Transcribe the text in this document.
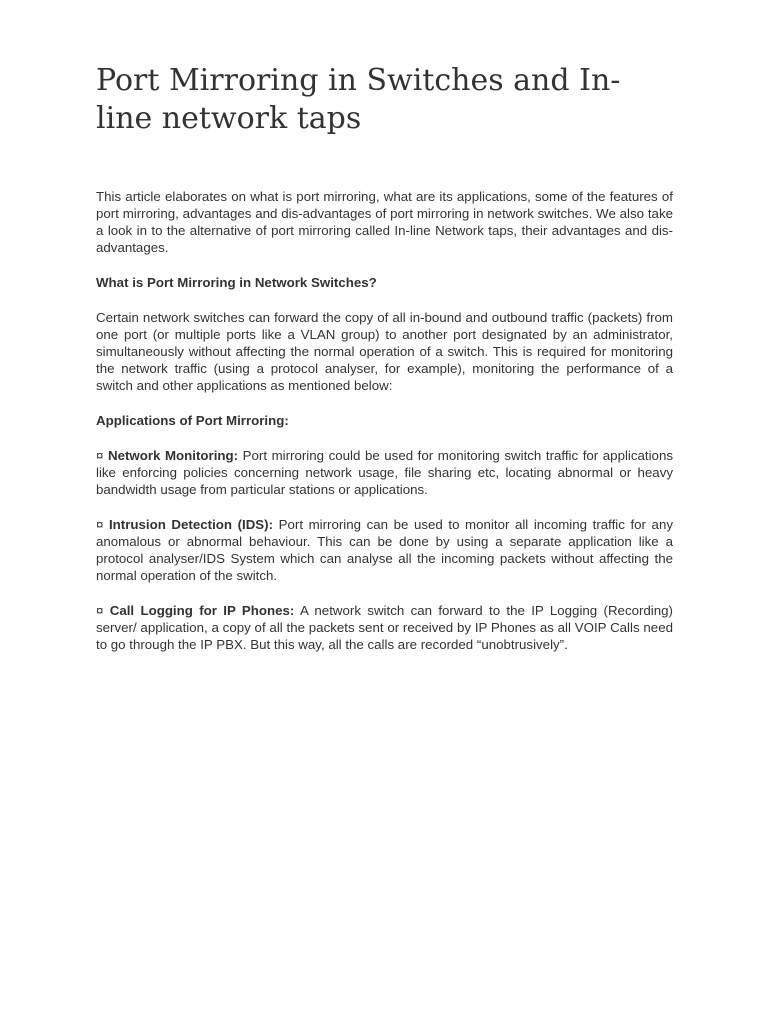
Port Mirroring in Switches and In-line network taps

This article elaborates on what is port mirroring, what are its applications, some of the features of port mirroring, advantages and dis-advantages of port mirroring in network switches. We also take a look in to the alternative of port mirroring called In-line Network taps, their advantages and dis-advantages.

What is Port Mirroring in Network Switches?

Certain network switches can forward the copy of all in-bound and outbound traffic (packets) from one port (or multiple ports like a VLAN group) to another port designated by an administrator, simultaneously without affecting the normal operation of a switch. This is required for monitoring the network traffic (using a protocol analyser, for example), monitoring the performance of a switch and other applications as mentioned below:

Applications of Port Mirroring:

¤ Network Monitoring: Port mirroring could be used for monitoring switch traffic for applications like enforcing policies concerning network usage, file sharing etc, locating abnormal or heavy bandwidth usage from particular stations or applications.

¤ Intrusion Detection (IDS): Port mirroring can be used to monitor all incoming traffic for any anomalous or abnormal behaviour. This can be done by using a separate application like a protocol analyser/IDS System which can analyse all the incoming packets without affecting the normal operation of the switch.

¤ Call Logging for IP Phones: A network switch can forward to the IP Logging (Recording) server/ application, a copy of all the packets sent or received by IP Phones as all VOIP Calls need to go through the IP PBX. But this way, all the calls are recorded “unobtrusively”.
